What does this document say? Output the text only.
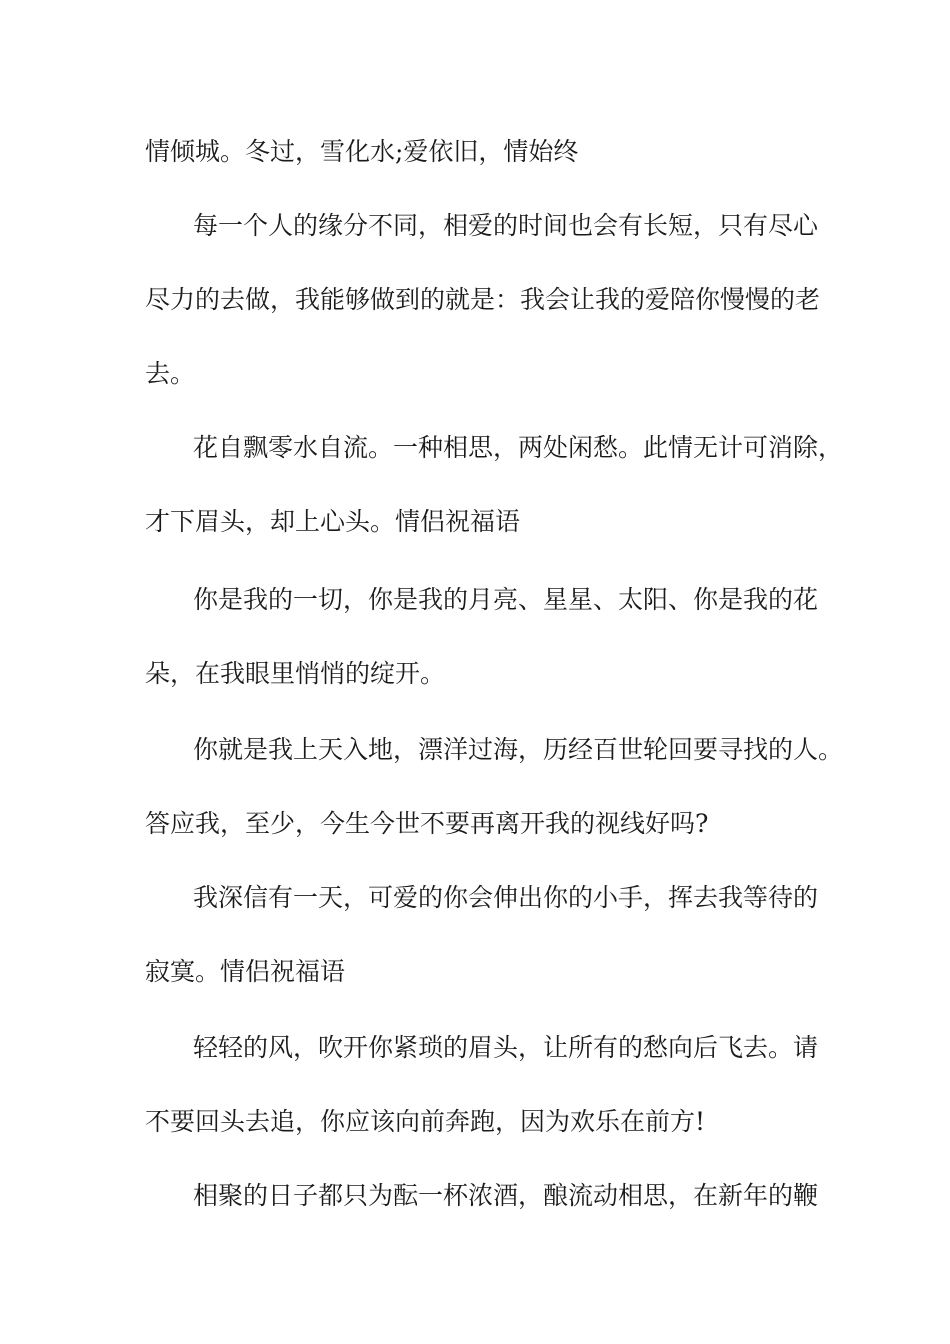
情倾城。冬过，雪化水;爱依旧，情始终

每一个人的缘分不同，相爱的时间也会有长短，只有尽心

尽力的去做，我能够做到的就是：我会让我的爱陪你慢慢的老

去。

花自飘零水自流。一种相思，两处闲愁。此情无计可消除，

才下眉头，却上心头。情侣祝福语

你是我的一切，你是我的月亮、星星、太阳、你是我的花

朵，在我眼里悄悄的绽开。

你就是我上天入地，漂洋过海，历经百世轮回要寻找的人。

答应我，至少，今生今世不要再离开我的视线好吗?

我深信有一天，可爱的你会伸出你的小手，挥去我等待的

寂寞。情侣祝福语

轻轻的风，吹开你紧琐的眉头，让所有的愁向后飞去。请

不要回头去追，你应该向前奔跑，因为欢乐在前方!

相聚的日子都只为酝一杯浓酒，酿流动相思，在新年的鞭
